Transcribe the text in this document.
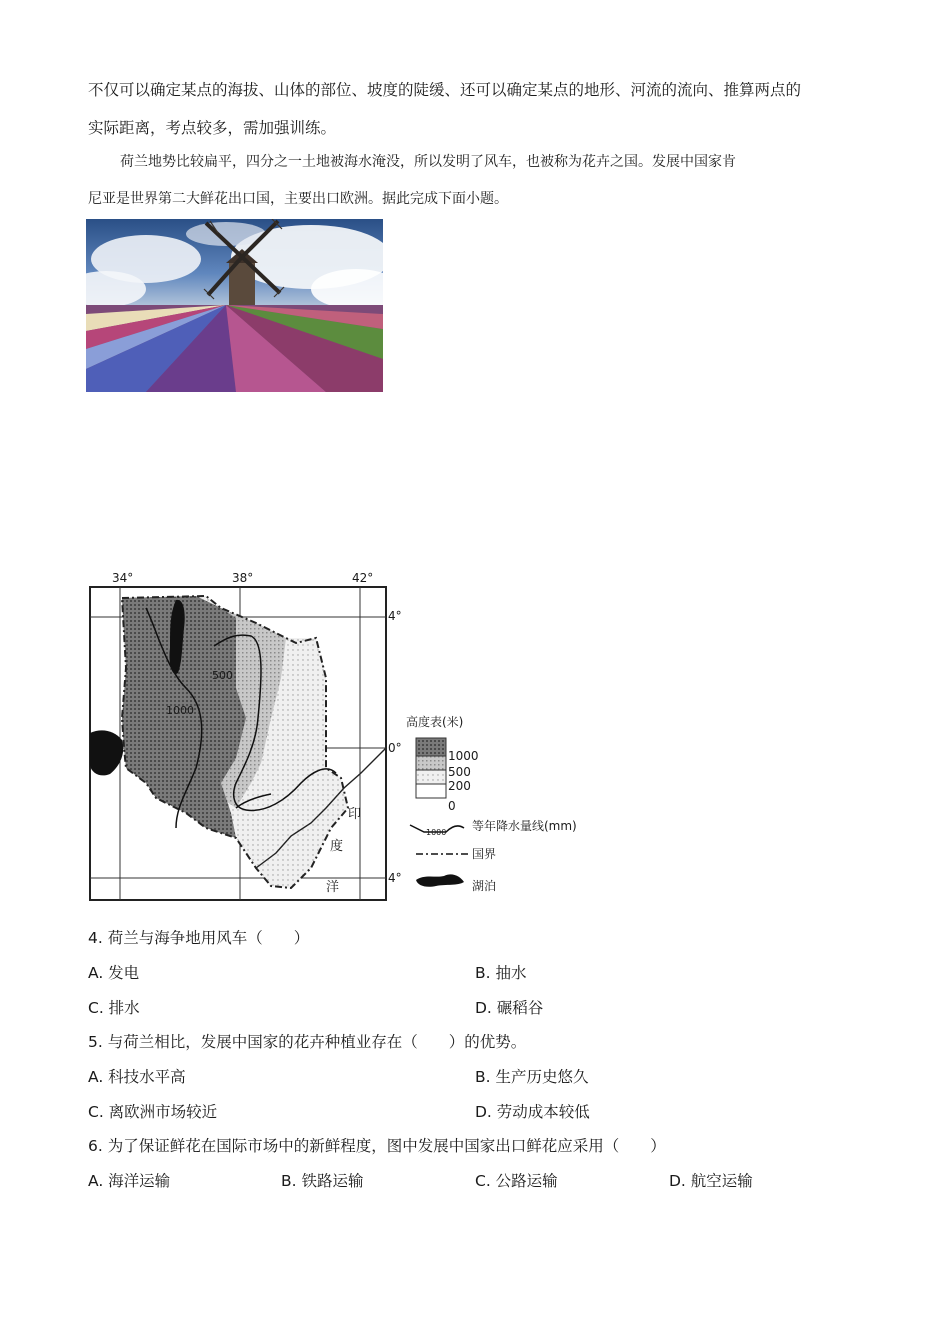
不仅可以确定某点的海拔、山体的部位、坡度的陡缓、还可以确定某点的地形、河流的流向、推算两点的
实际距离，考点较多，需加强训练。
荷兰地势比较扁平，四分之一土地被海水淹没，所以发明了风车，也被称为花卉之国。发展中国家肯
尼亚是世界第二大鲜花出口国，主要出口欧洲。据此完成下面小题。
500
1000
34°	38°	42°
4°
0°
4°
印
度
洋
高度表(米)
1000
500
200
0
1000 等年降水量线(mm)
国界
湖泊
4. 荷兰与海争地用风车（　　）
A. 发电	B. 抽水
C. 排水	D. 碾稻谷
5. 与荷兰相比，发展中国家的花卉种植业存在（　　）的优势。
A. 科技水平高	B. 生产历史悠久
C. 离欧洲市场较近	D. 劳动成本较低
6. 为了保证鲜花在国际市场中的新鲜程度，图中发展中国家出口鲜花应采用（　　）
A. 海洋运输	B. 铁路运输	C. 公路运输	D. 航空运输
